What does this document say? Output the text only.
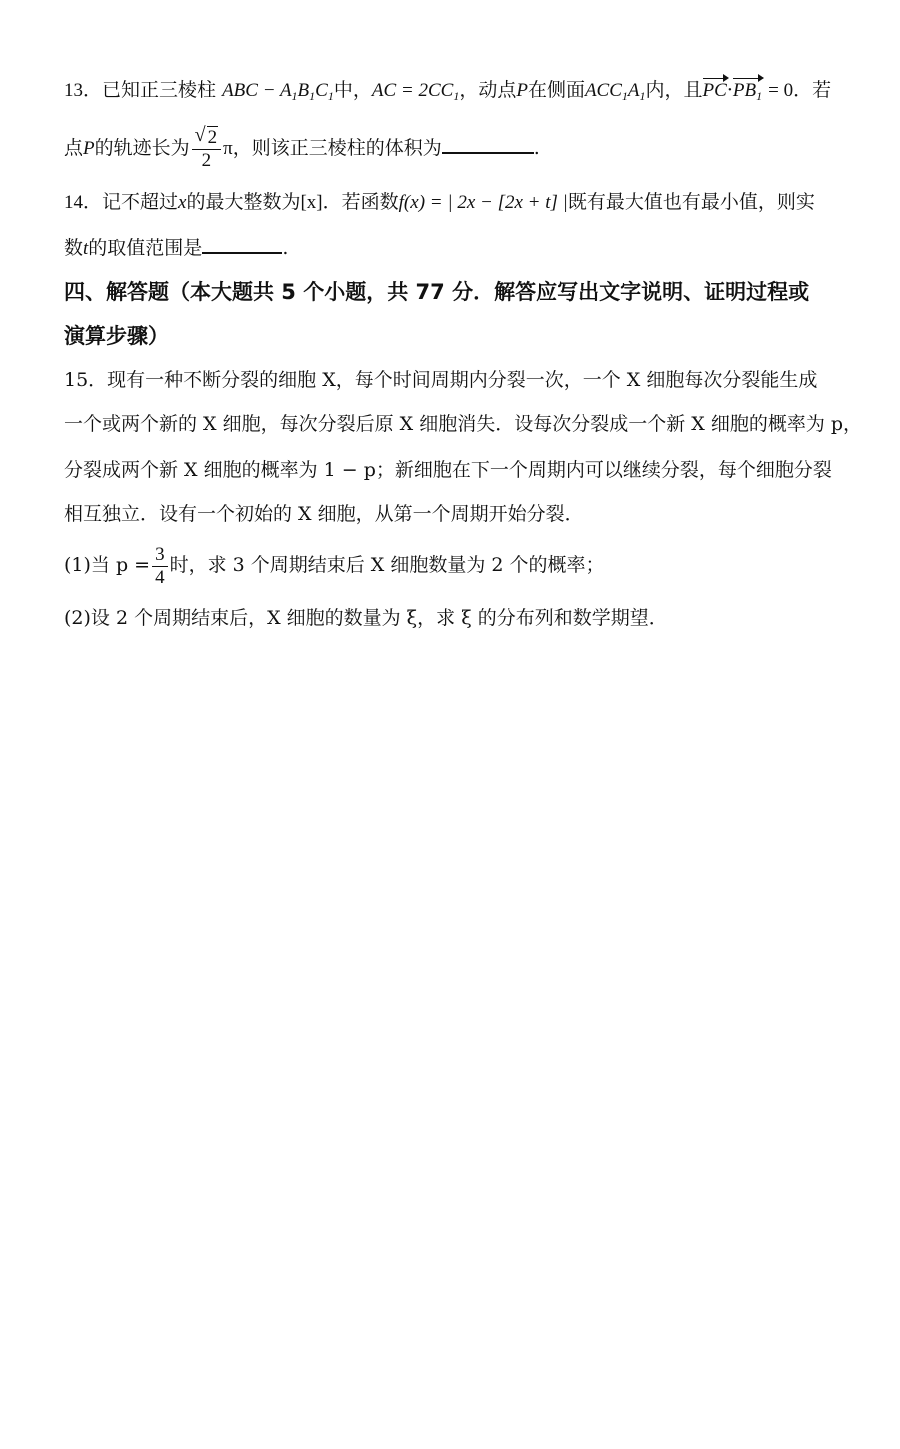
13．已知正三棱柱 ABC − $A_1B_1C_1$中，AC = $2CC_1$，动点P在侧面$ACC_1A_1$内，且$PC\cdot PB_1 = 0$．若
点P的轨迹长为 $\frac{√ 2}{2}$ π，则该正三棱柱的体积为	.
14．记不超过x的最大整数为[x]．若函数f(x) = | 2x − [2x + t] |既有最大值也有最小值，则实
数t的取值范围是	.
四、解答题（本大题共 5 个小题，共 77 分．解答应写出文字说明、证明过程或
演算步骤）
15．现有一种不断分裂的细胞 X，每个时间周期内分裂一次，一个 X 细胞每次分裂能生成
一个或两个新的 X 细胞，每次分裂后原 X 细胞消失．设每次分裂成一个新 X 细胞的概率为 p，
分裂成两个新 X 细胞的概率为 1 − p；新细胞在下一个周期内可以继续分裂，每个细胞分裂
相互独立．设有一个初始的 X 细胞，从第一个周期开始分裂．
(1)当 $p = \frac{3}{4}$ 时，求 3 个周期结束后 X 细胞数量为 2 个的概率；
(2)设 2 个周期结束后，X 细胞的数量为 ξ，求 ξ 的分布列和数学期望．
